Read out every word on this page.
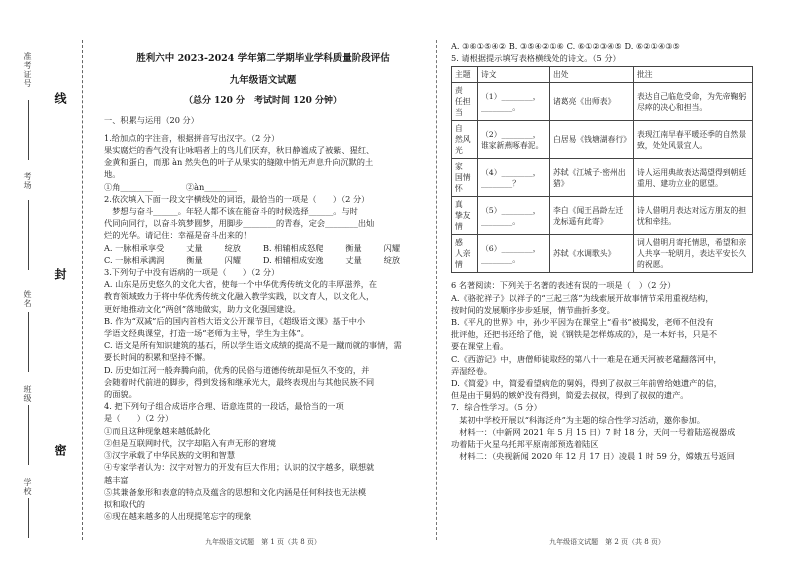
准考证号
考场
姓名
班级
学校
线
封
密
胜利六中 2023-2024 学年第二学期毕业学科质量阶段评估
九年级语文试题
（总分 120 分　考试时间 120 分钟）
一、积累与运用（20 分）
1.给加点的字注音，根据拼音写出汉字。（2 分）
果实腐烂的香气没有让咏唱者上的鸟儿们厌弃，秋日静谧成了被紫、猩红、
金黄和蛋白，而那 àn 然失色的叶子从果实的缝隙中悄无声息升向沉默的土
地。
①角________　　　　②àn________
2.依次填入下面一段文字横线处的词语，最恰当的一项是（　　）（2 分）
　梦想与奋斗______。年轻人都不该在能奋斗的时候选择______。与时
代同向同行，以奋斗筑梦圆梦，用脚步________的青春，定会________出灿
烂的光华。请记住：幸福是奋斗出来的！
A. 一脉相承 享受	丈量	绽放	B. 相辅相成 怒爬	衡量	闪耀
C. 一脉相承 满润	衡量	闪耀	D. 相辅相成 安逸	丈量	绽放
3.下列句子中没有语病的一项是（　　）（2 分）
A. 山东是历史悠久的文化大省，使每一个中华优秀传统文化的丰厚滋养，在
教育领域致力于将中华优秀传统文化融入教学实践，以文育人，以文化人，
更好地推动文化“两创”落地做实，助力文化强国建设。
B. 作为“双减”后的国内首档大语文公开课节目，《超级语文课》基于中小
学语文经典课堂，打造一场“老师为主导，学生为主体”。
C. 语文是所有知识建筑的基石，所以学生语文成绩的提高不是一蹴而就的事情，需
要长时间的积累和坚持不懈。
D. 历史如江河一般奔腾向前，优秀的民俗与道德传统却是恒久不变的，并
会随着时代前进的脚步，得到发扬和继承光大，最终表现出与其他民族不同
的面貌。
4. 把下列句子组合成语序合理、语意连贯的一段话，最恰当的一项
是（　　）（2 分）
①而且这种现象越来越低龄化
②但是互联网时代，汉字却陷入有声无形的窘境
③汉字承载了中华民族的文明和智慧
④专家学者认为：汉字对智力的开发有巨大作用；认识的汉字越多，联想就
越丰富
⑤其兼备象形和表意的特点及蕴含的思想和文化内涵是任何科技也无法模
拟和取代的
⑥现在越来越多的人出现提笔忘字的现象
九年级语文试题　第 1 页（共 8 页）
A. ③⑥①⑤④② B. ③⑤④②①⑥ C. ⑥①②③④⑤ D. ⑥②①④③⑤
5. 请根据提示填写表格横线处的诗文。（5 分）
主题	诗文	出处	批注
责　任担当	（1）________，________。	诸葛亮《出师表》	表达自己临危受命，为先帝鞠躬尽瘁的决心和担当。
自　然风光	（2）________，谁家新燕啄春泥。	白居易《钱塘湖春行》	表现江南早春平暖还季的自然景致，处处风景宜人。
家　国情怀	（4）________，________？	苏轼《江城子·密州出猎》	诗人运用典故表达渴望得到朝廷重用、建功立业的愿望。
真　挚友情	（5）________，________。	李白《闻王昌龄左迁龙标遥有此寄》	诗人借明月表达对远方朋友的担忧和牵挂。
感　人亲情	（6）________，________。	苏轼《水调歌头》	词人借明月寄托情思，希望和亲人共享一轮明月，表达平安长久的祝愿。
6 名著阅读：下列关于名著的表述有误的一项是（　）（2 分）
A.《骆驼祥子》以祥子的“三起三落”为线索展开故事情节采用重视结构，
按时间的发展顺序步步延展，情节曲折多变。
B.《平凡的世界》中，孙少平因为在课堂上“看书”被揭发，老师不但没有
批评他，还把书还给了他，说《钢铁是怎样炼成的》，是一本好书，只是不
要在课堂上看。
C.《西游记》中，唐僧师徒取经的第八十一难是在通天河被老鼋翻落河中，
弄湿经卷。
D.《简爱》中，简爱看望病危的舅妈，得到了叔叔三年前曾给她遗产的信，
但是由于舅妈的嫉妒没有得到，简爱去叔叔，得到了叔叔的遗产。
7．综合性学习。（5 分）
　某初中学校开展以“科海泛舟”为主题的综合性学习活动，邀你参加。
　材料一：（中新网 2021 年 5 月 15 日）7 时 18 分，天问一号着陆巡视器成
功着陆于火星乌托邦平原南部预选着陆区
　材料二：（央视新闻 2020 年 12 月 17 日）凌晨 1 时 59 分，嫦娥五号返回
九年级语文试题　第 2 页（共 8 页）
